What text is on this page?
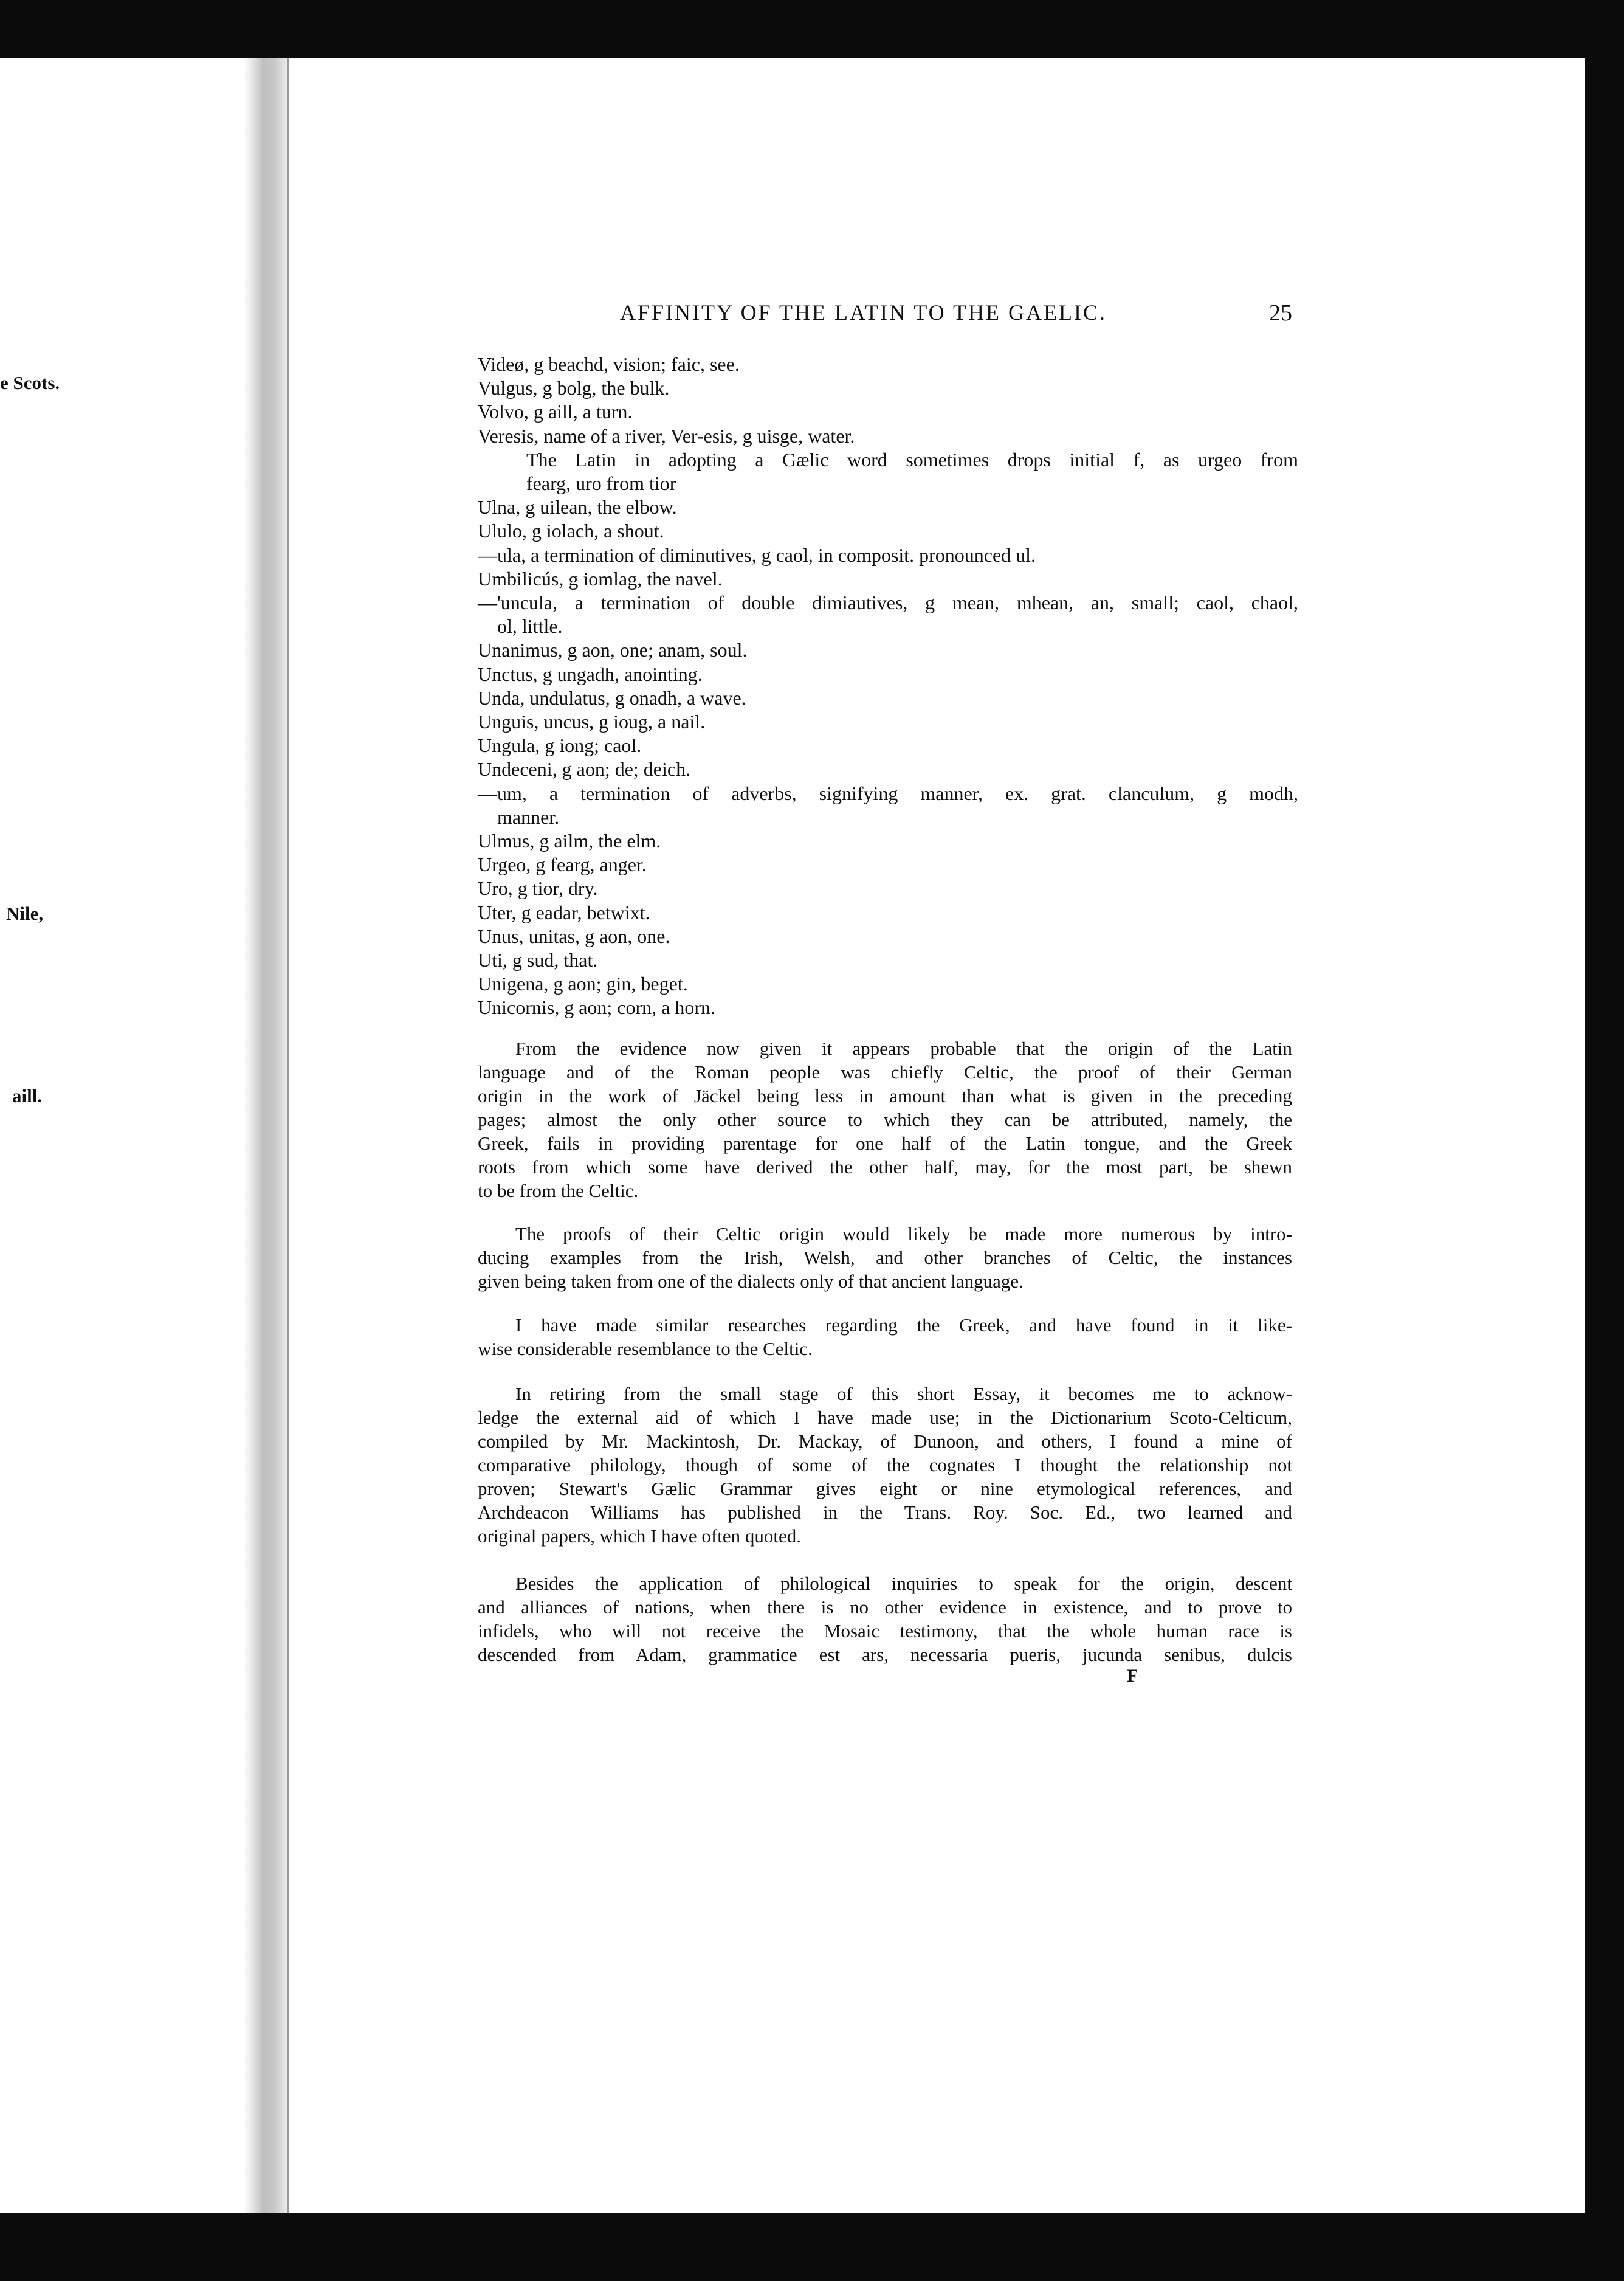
e Scots.
Nile,
aill.
AFFINITY OF THE LATIN TO THE GAELIC.	25
Videø, g beachd, vision; faic, see.
Vulgus, g bolg, the bulk.
Volvo, g aill, a turn.
Veresis, name of a river, Ver-esis, g uisge, water.
The Latin in adopting a Gælic word sometimes drops initial f, as urgeo from
fearg, uro from tior
Ulna, g uilean, the elbow.
Ululo, g iolach, a shout.
—ula, a termination of diminutives, g caol, in composit. pronounced ul.
Umbilicús, g iomlag, the navel.
—'uncula, a termination of double dimiautives, g mean, mhean, an, small; caol, chaol,
ol, little.
Unanimus, g aon, one; anam, soul.
Unctus, g ungadh, anointing.
Unda, undulatus, g onadh, a wave.
Unguis, uncus, g ioug, a nail.
Ungula, g iong; caol.
Undeceni, g aon; de; deich.
—um, a termination of adverbs, signifying manner, ex. grat. clanculum, g modh,
manner.
Ulmus, g ailm, the elm.
Urgeo, g fearg, anger.
Uro, g tior, dry.
Uter, g eadar, betwixt.
Unus, unitas, g aon, one.
Uti, g sud, that.
Unigena, g aon; gin, beget.
Unicornis, g aon; corn, a horn.
From the evidence now given it appears probable that the origin of the Latin
language and of the Roman people was chiefly Celtic, the proof of their German
origin in the work of Jäckel being less in amount than what is given in the preceding
pages; almost the only other source to which they can be attributed, namely, the
Greek, fails in providing parentage for one half of the Latin tongue, and the Greek
roots from which some have derived the other half, may, for the most part, be shewn
to be from the Celtic.
The proofs of their Celtic origin would likely be made more numerous by intro-
ducing examples from the Irish, Welsh, and other branches of Celtic, the instances
given being taken from one of the dialects only of that ancient language.
I have made similar researches regarding the Greek, and have found in it like-
wise considerable resemblance to the Celtic.
In retiring from the small stage of this short Essay, it becomes me to acknow-
ledge the external aid of which I have made use; in the Dictionarium Scoto-Celticum,
compiled by Mr. Mackintosh, Dr. Mackay, of Dunoon, and others, I found a mine of
comparative philology, though of some of the cognates I thought the relationship not
proven; Stewart's Gælic Grammar gives eight or nine etymological references, and
Archdeacon Williams has published in the Trans. Roy. Soc. Ed., two learned and
original papers, which I have often quoted.
Besides the application of philological inquiries to speak for the origin, descent
and alliances of nations, when there is no other evidence in existence, and to prove to
infidels, who will not receive the Mosaic testimony, that the whole human race is
descended from Adam, grammatice est ars, necessaria pueris, jucunda senibus, dulcis
F
